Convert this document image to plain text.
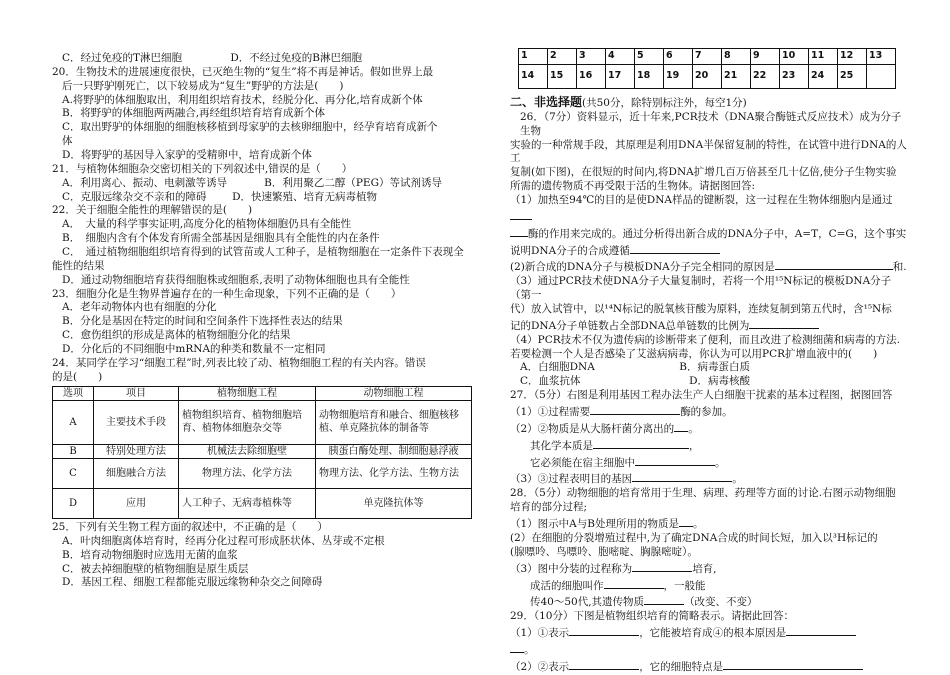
C．经过免疫的T淋巴细胞	D．不经过免疫的B淋巴细胞

20．生物技术的进展速度很快，已灭绝生物的“复生”将不再是神话。假如世界上最

后一只野驴刚死亡，以下较易成为“复生”野驴的方法是(　　)

A.将野驴的体细胞取出，利用组织培育技术，经脱分化、再分化,培育成新个体

B．将野驴的体细胞两两融合,再经组织培育培育成新个体

C．取出野驴的体细胞的细胞核移植到母家驴的去核卵细胞中，经孕育培育成新个

体

D．将野驴的基因导入家驴的受精卵中，培育成新个体

21．与植物体细胞杂交密切相关的下列叙述中,错误的是（　　）

A．利用离心、振动、电刺激等诱导	B．利用聚乙二醇（PEG）等试剂诱导
C．克服远缘杂交不亲和的障碍 D．快速繁殖、培育无病毒植物

22．关于细胞全能性的理解错误的是(　　)

A．　大量的科学事实证明,高度分化的植物体细胞仍具有全能性

B．　细胞内含有个体发育所需全部基因是细胞具有全能性的内在条件

C．　通过植物细胞组织培育得到的试管苗或人工种子，是植物细胞在一定条件下表现全

能性的结果

D．通过动物细胞培育获得细胞株或细胞系,表明了动物体细胞也具有全能性

23．细胞分化是生物界普遍存在的一种生命现象，下列不正确的是（　　）

A．老年动物体内也有细胞的分化

B．分化是基因在特定的时间和空间条件下选择性表达的结果

C．愈伤组织的形成是离体的植物细胞分化的结果

D．分化后的不同细胞中mRNA的种类和数量不一定相同

24．某同学在学习“细胞工程”时,列表比较了动、植物细胞工程的有关内容。错误

的是(　　)

选项	项目	植物细胞工程	动物细胞工程
A	主要技术手段	植物组织培育、植物细胞培育、植物体细胞杂交等	动物细胞培育和融合、细胞核移植、单克隆抗体的制备等
B	特别处理方法	机械法去除细胞壁	胰蛋白酶处理、制细胞悬浮液
C	细胞融合方法	物理方法、化学方法	物理方法、化学方法、生物方法
D	应用	人工种子、无病毒植株等	单克隆抗体等

25．下列有关生物工程方面的叙述中，不正确的是（　　）

A．叶肉细胞离体培育时，经再分化过程可形成胚状体、丛芽或不定根

B．培育动物细胞时应选用无菌的血浆

C．被去掉细胞壁的植物细胞是原生质层

D．基因工程、细胞工程都能克服远缘物种杂交之间障碍

1	2	3	4	5	6	7	8	9	10	11	12	13
14	15	16	17	18	19	20	21	22	23	24	25	

二、非选择题(共50分，除特别标注外，每空1分)

26．（7分）资料显示，近十年来,PCR技术（DNA聚合酶链式反应技术）成为分子生物

实验的一种常规手段，其原理是利用DNA半保留复制的特性，在试管中进行DNA的人工

复制(如下图)，在很短的时间内,将DNA扩增几百万倍甚至几十亿倍,使分子生物实验

所需的遗传物质不再受限于活的生物体。请据图回答:

（1）加热至94℃的目的是使DNA样品的键断裂，这一过程在生物体细胞内是通过

酶的作用来完成的。通过分析得出新合成的DNA分子中，A=T，C=G，这个事实

说明DNA分子的合成遵循

(2)新合成的DNA分子与模板DNA分子完全相同的原因是	和.

（3）通过PCR技术使DNA分子大量复制时，若将一个用¹⁵N标记的模板DNA分子（第一

代）放入试管中，以¹⁴N标记的脱氧核苷酸为原料，连续复制到第五代时，含¹⁵N标

记的DNA分子单链数占全部DNA总单链数的比例为

（4）PCR技术不仅为遗传病的诊断带来了便利，而且改进了检测细菌和病毒的方法.

若要检测一个人是否感染了艾滋病病毒，你认为可以用PCR扩增血液中的(　　)

A．白细胞DNA	B．病毒蛋白质
C．血浆抗体	D．病毒核酸

27．（5分）右图是利用基因工程办法生产人白细胞干扰素的基本过程图，据图回答

（1）①过程需要	酶的参加。

（2）②物质是从大肠杆菌分离出的 。

其化学本质是	，

它必须能在宿主细胞中	。

（3）③过程表明目的基因	。

28．（5分）动物细胞的培育常用于生理、病理、药理等方面的讨论.右图示动物细胞

培育的部分过程;

（1）图示中A与B处理所用的物质是 。

(2）在细胞的分裂增殖过程中,为了确定DNA合成的时间长短，加入以³H标记的

(腺嘌呤、鸟嘌呤、胞嘧啶、胸腺嘧啶）。

（3）图中分装的过程称为	培育,

成活的细胞叫作	，一般能

传40～50代,其遗传物质	（改变、不变）

29．（10分）下图是植物组织培育的简略表示。请据此回答：

（1）①表示	，它能被培育成④的根本原因是

。

（2）②表示	，它的细胞特点是
